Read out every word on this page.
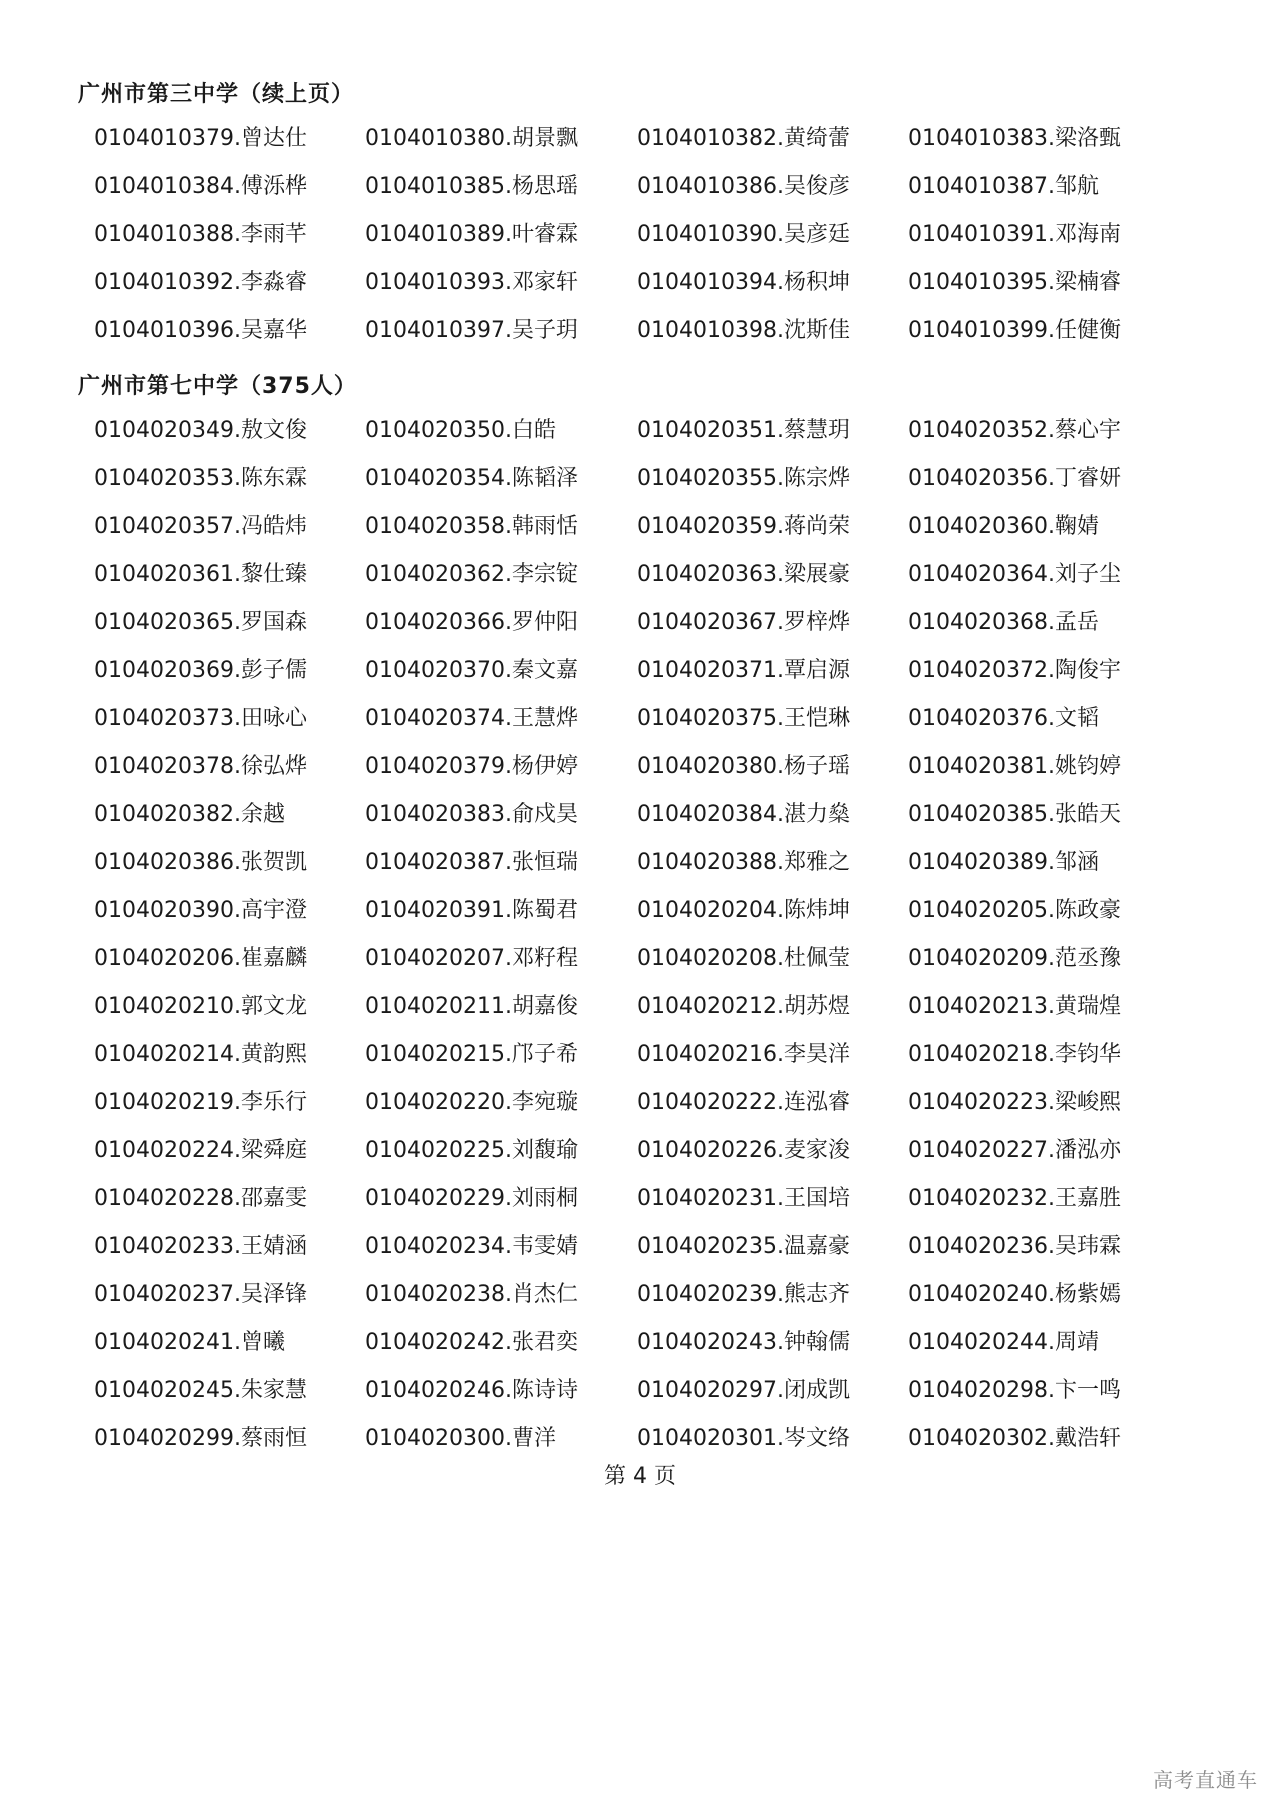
广州市第三中学（续上页）
0104010379.曾达仕	0104010380.胡景飘	0104010382.黄绮蕾	0104010383.梁洛甄
0104010384.傅泺桦	0104010385.杨思瑶	0104010386.吴俊彦	0104010387.邹航
0104010388.李雨芊	0104010389.叶睿霖	0104010390.吴彦廷	0104010391.邓海南
0104010392.李淼睿	0104010393.邓家轩	0104010394.杨积坤	0104010395.梁楠睿
0104010396.吴嘉华	0104010397.吴子玥	0104010398.沈斯佳	0104010399.任健衡
广州市第七中学（375人）
0104020349.敖文俊	0104020350.白皓	0104020351.蔡慧玥	0104020352.蔡心宇
0104020353.陈东霖	0104020354.陈韬泽	0104020355.陈宗烨	0104020356.丁睿妍
0104020357.冯皓炜	0104020358.韩雨恬	0104020359.蒋尚荣	0104020360.鞠婧
0104020361.黎仕臻	0104020362.李宗锭	0104020363.梁展豪	0104020364.刘子尘
0104020365.罗国森	0104020366.罗仲阳	0104020367.罗梓烨	0104020368.孟岳
0104020369.彭子儒	0104020370.秦文嘉	0104020371.覃启源	0104020372.陶俊宇
0104020373.田咏心	0104020374.王慧烨	0104020375.王恺琳	0104020376.文韬
0104020378.徐弘烨	0104020379.杨伊婷	0104020380.杨子瑶	0104020381.姚钧婷
0104020382.余越	0104020383.俞戍昊	0104020384.湛力燊	0104020385.张皓天
0104020386.张贺凯	0104020387.张恒瑞	0104020388.郑雅之	0104020389.邹涵
0104020390.高宇澄	0104020391.陈蜀君	0104020204.陈炜坤	0104020205.陈政豪
0104020206.崔嘉麟	0104020207.邓籽程	0104020208.杜佩莹	0104020209.范丞豫
0104020210.郭文龙	0104020211.胡嘉俊	0104020212.胡苏煜	0104020213.黄瑞煌
0104020214.黄韵熙	0104020215.邝子希	0104020216.李昊洋	0104020218.李钧华
0104020219.李乐行	0104020220.李宛璇	0104020222.连泓睿	0104020223.梁峻熙
0104020224.梁舜庭	0104020225.刘馥瑜	0104020226.麦家浚	0104020227.潘泓亦
0104020228.邵嘉雯	0104020229.刘雨桐	0104020231.王国培	0104020232.王嘉胜
0104020233.王婧涵	0104020234.韦雯婧	0104020235.温嘉豪	0104020236.吴玮霖
0104020237.吴泽锋	0104020238.肖杰仁	0104020239.熊志齐	0104020240.杨紫嫣
0104020241.曾曦	0104020242.张君奕	0104020243.钟翰儒	0104020244.周靖
0104020245.朱家慧	0104020246.陈诗诗	0104020297.闭成凯	0104020298.卞一鸣
0104020299.蔡雨恒	0104020300.曹洋	0104020301.岑文络	0104020302.戴浩轩
第 4 页
高考直通车
